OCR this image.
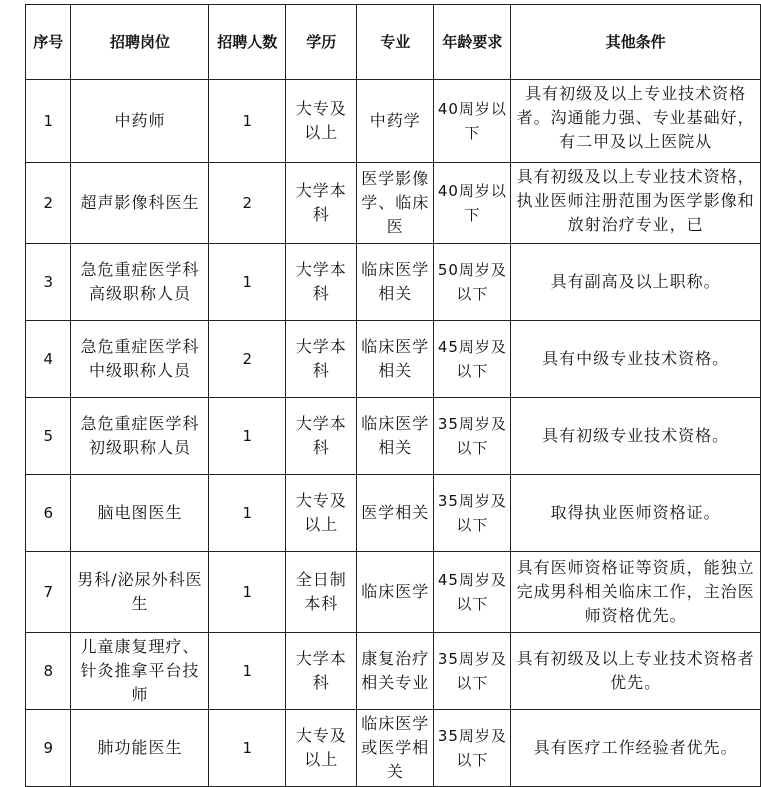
序号	招聘岗位	招聘人数	学历	专业	年龄要求	其他条件
1	中药师	1	大专及以上	中药学	40周岁以下	具有初级及以上专业技术资格者。沟通能力强、专业基础好，有二甲及以上医院从

2	超声影像科医生	2	大学本科	医学影像学、临床医	40周岁以下	具有初级及以上专业技术资格，执业医师注册范围为医学影像和放射治疗专业，已

3	急危重症医学科高级职称人员	1	大学本科	临床医学相关	50周岁及以下	具有副高及以上职称。
4	急危重症医学科中级职称人员	2	大学本科	临床医学相关	45周岁及以下	具有中级专业技术资格。
5	急危重症医学科初级职称人员	1	大学本科	临床医学相关	35周岁及以下	具有初级专业技术资格。
6	脑电图医生	1	大专及以上	医学相关	35周岁及以下	取得执业医师资格证。
7	男科/泌尿外科医生	1	全日制本科	临床医学	45周岁及以下	具有医师资格证等资质，能独立完成男科相关临床工作，主治医师资格优先。
8	儿童康复理疗、针灸推拿平台技师	1	大学本科	康复治疗相关专业	35周岁及以下	具有初级及以上专业技术资格者优先。
9	肺功能医生	1	大专及以上	临床医学或医学相关	35周岁及以下	具有医疗工作经验者优先。
